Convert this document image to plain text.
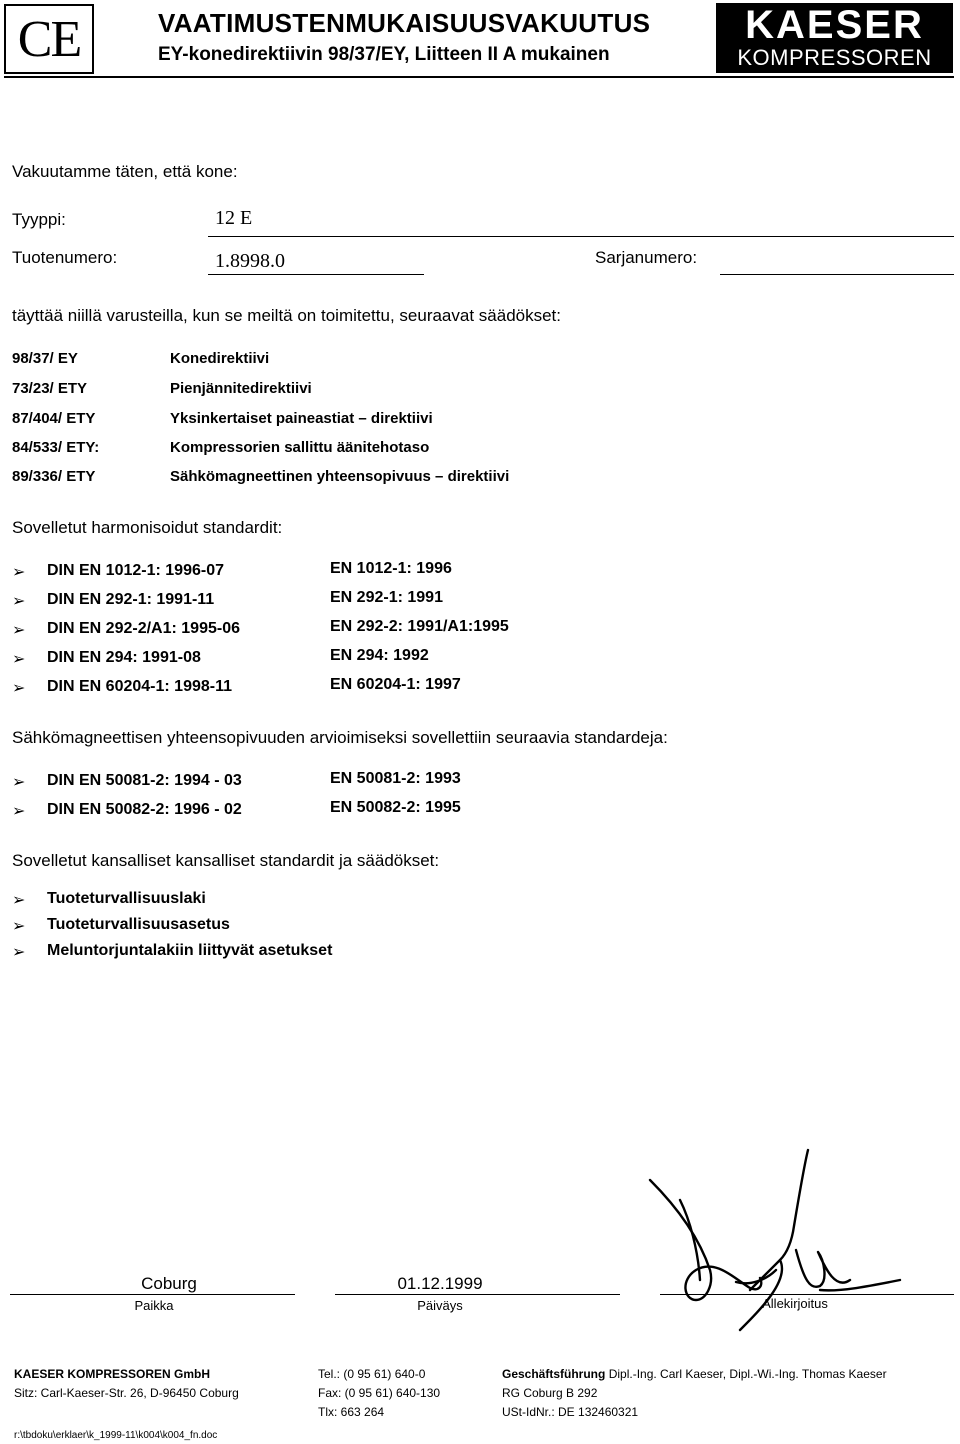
CE	VAATIMUSTENMUKAISUUSVAKUUTUS
EY-konedirektiivin 98/37/EY, Liitteen II A mukainen
KAESER
KOMPRESSOREN
Vakuutamme täten, että kone:
Tyyppi:	12 E
Tuotenumero:	1.8998.0	Sarjanumero:
täyttää niillä varusteilla, kun se meiltä on toimitettu, seuraavat säädökset:
98/37/ EY	Konedirektiivi
73/23/ ETY	Pienjännitedirektiivi
87/404/ ETY	Yksinkertaiset paineastiat – direktiivi
84/533/ ETY:	Kompressorien sallittu äänitehotaso
89/336/ ETY	Sähkömagneettinen yhteensopivuus – direktiivi
Sovelletut harmonisoidut standardit:
➢ DIN EN 1012-1: 1996-07	EN 1012-1: 1996
➢ DIN EN 292-1: 1991-11	EN 292-1: 1991
➢ DIN EN 292-2/A1: 1995-06	EN 292-2: 1991/A1:1995
➢ DIN EN 294: 1991-08	EN 294: 1992
➢ DIN EN 60204-1: 1998-11	EN 60204-1: 1997
Sähkömagneettisen yhteensopivuuden arvioimiseksi sovellettiin seuraavia standardeja:
➢ DIN EN 50081-2: 1994 - 03	EN 50081-2: 1993
➢ DIN EN 50082-2: 1996 - 02	EN 50082-2: 1995
Sovelletut kansalliset kansalliset standardit ja säädökset:
➢ Tuoteturvallisuuslaki
➢ Tuoteturvallisuusasetus
➢ Meluntorjuntalakiin liittyvät asetukset
Coburg
Paikka
01.12.1999
Päiväys	Allekirjoitus
KAESER KOMPRESSOREN GmbH
Sitz: Carl-Kaeser-Str. 26, D-96450 Coburg
Tel.: (0 95 61) 640-0
Fax: (0 95 61) 640-130
Tlx: 663 264
Geschäftsführung Dipl.-Ing. Carl Kaeser, Dipl.-Wi.-Ing. Thomas Kaeser
RG Coburg B 292
USt-IdNr.: DE 132460321
r:\tbdoku\erklaer\k_1999-11\k004\k004_fn.doc
